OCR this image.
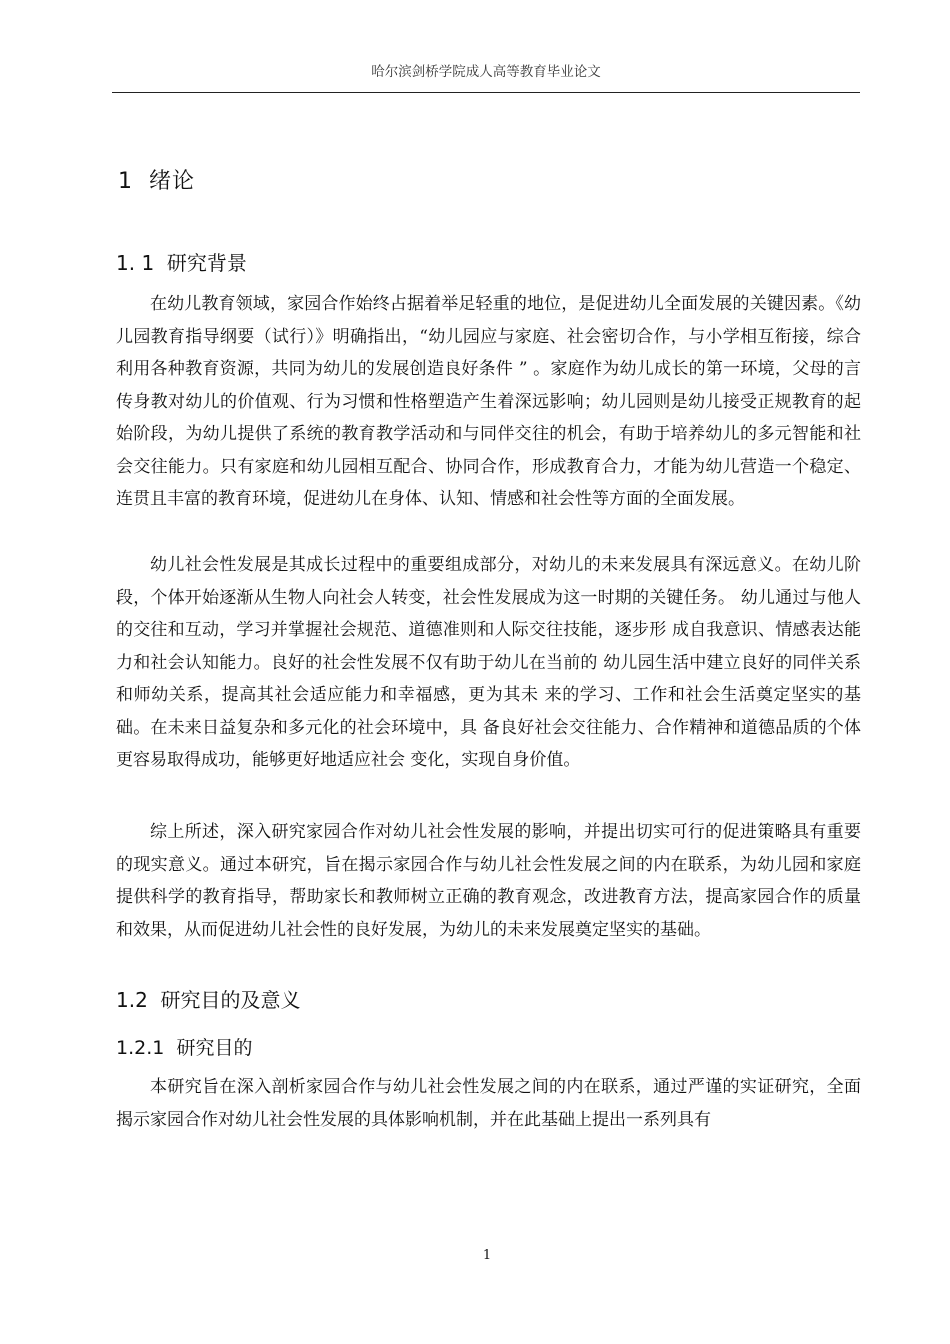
哈尔滨剑桥学院成人高等教育毕业论文
1 绪论
1. 1 研究背景

在幼儿教育领域，家园合作始终占据着举足轻重的地位，是促进幼儿全面发展的关键因素。《幼儿园教育指导纲要（试行）》明确指出，“幼儿园应与家庭、社会密切合作，与小学相互衔接，综合利用各种教育资源，共同为幼儿的发展创造良好条件 ” 。家庭作为幼儿成长的第一环境，父母的言传身教对幼儿的价值观、行为习惯和性格塑造产生着深远影响；幼儿园则是幼儿接受正规教育的起始阶段，为幼儿提供了系统的教育教学活动和与同伴交往的机会，有助于培养幼儿的多元智能和社会交往能力。只有家庭和幼儿园相互配合、协同合作，形成教育合力，才能为幼儿营造一个稳定、连贯且丰富的教育环境，促进幼儿在身体、认知、情感和社会性等方面的全面发展。

幼儿社会性发展是其成长过程中的重要组成部分，对幼儿的未来发展具有深远意义。在幼儿阶段，个体开始逐渐从生物人向社会人转变，社会性发展成为这一时期的关键任务。 幼儿通过与他人的交往和互动，学习并掌握社会规范、道德准则和人际交往技能，逐步形 成自我意识、情感表达能力和社会认知能力。良好的社会性发展不仅有助于幼儿在当前的 幼儿园生活中建立良好的同伴关系和师幼关系，提高其社会适应能力和幸福感，更为其未 来的学习、工作和社会生活奠定坚实的基础。在未来日益复杂和多元化的社会环境中，具 备良好社会交往能力、合作精神和道德品质的个体更容易取得成功，能够更好地适应社会 变化，实现自身价值。

综上所述，深入研究家园合作对幼儿社会性发展的影响，并提出切实可行的促进策略具有重要的现实意义。通过本研究，旨在揭示家园合作与幼儿社会性发展之间的内在联系，为幼儿园和家庭提供科学的教育指导，帮助家长和教师树立正确的教育观念，改进教育方法，提高家园合作的质量和效果，从而促进幼儿社会性的良好发展，为幼儿的未来发展奠定坚实的基础。

1.2 研究目的及意义
1.2.1 研究目的

本研究旨在深入剖析家园合作与幼儿社会性发展之间的内在联系，通过严谨的实证研究，全面揭示家园合作对幼儿社会性发展的具体影响机制，并在此基础上提出一系列具有

1
